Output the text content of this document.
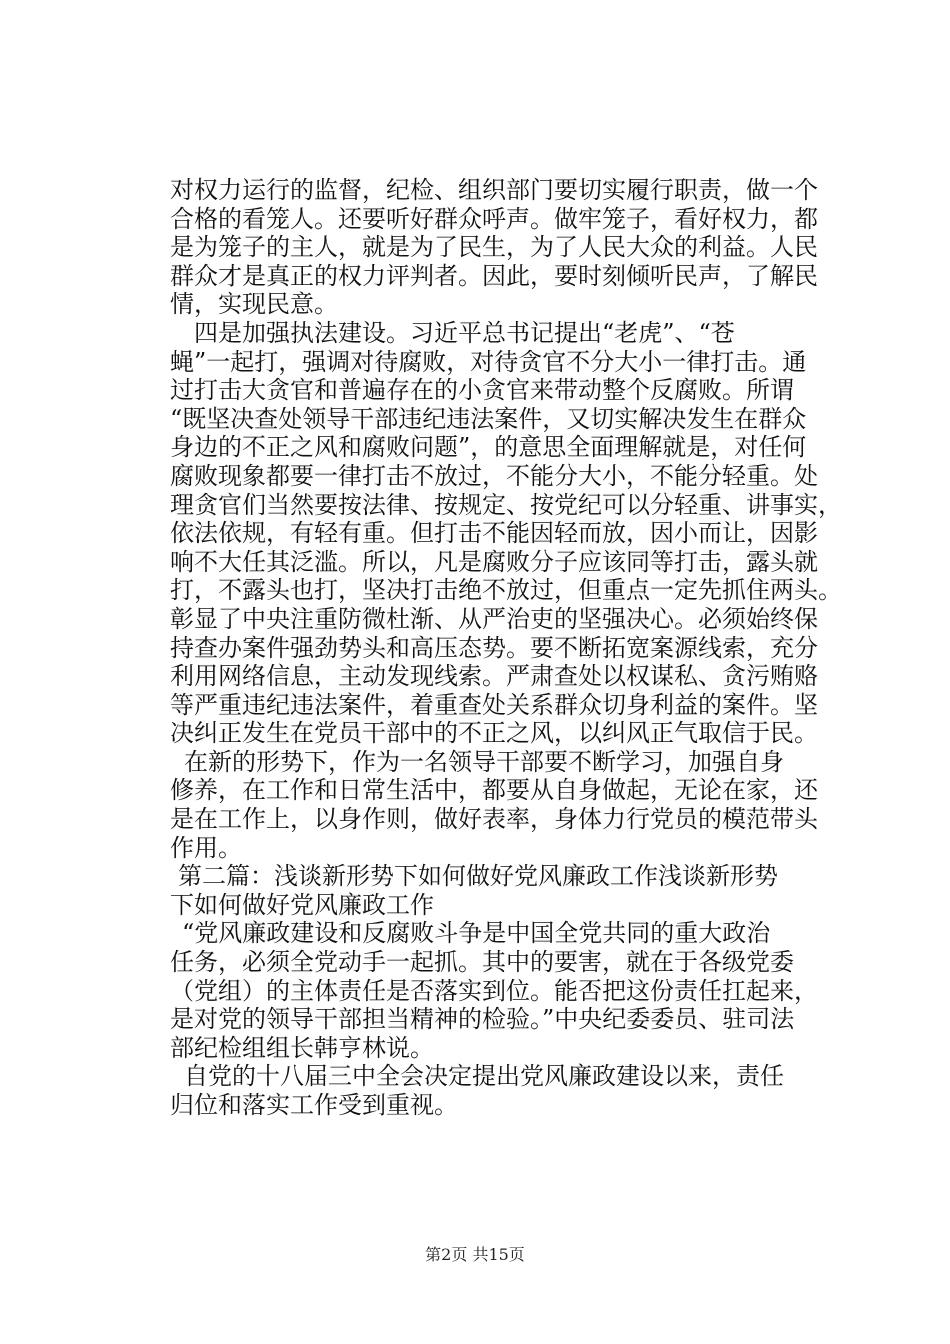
对权力运行的监督，纪检、组织部门要切实履行职责，做一个
合格的看笼人。还要听好群众呼声。做牢笼子，看好权力，都
是为笼子的主人，就是为了民生，为了人民大众的利益。人民
群众才是真正的权力评判者。因此，要时刻倾听民声，了解民
情，实现民意。
四是加强执法建设。习近平总书记提出“老虎”、“苍
蝇”一起打，强调对待腐败，对待贪官不分大小一律打击。通
过打击大贪官和普遍存在的小贪官来带动整个反腐败。所谓
“既坚决查处领导干部违纪违法案件，又切实解决发生在群众
身边的不正之风和腐败问题”，的意思全面理解就是，对任何
腐败现象都要一律打击不放过，不能分大小，不能分轻重。处
理贪官们当然要按法律、按规定、按党纪可以分轻重、讲事实，
依法依规，有轻有重。但打击不能因轻而放，因小而让，因影
响不大任其泛滥。所以，凡是腐败分子应该同等打击，露头就
打，不露头也打，坚决打击绝不放过，但重点一定先抓住两头。
彰显了中央注重防微杜渐、从严治吏的坚强决心。必须始终保
持查办案件强劲势头和高压态势。要不断拓宽案源线索，充分
利用网络信息，主动发现线索。严肃查处以权谋私、贪污贿赂
等严重违纪违法案件，着重查处关系群众切身利益的案件。坚
决纠正发生在党员干部中的不正之风，以纠风正气取信于民。
在新的形势下，作为一名领导干部要不断学习，加强自身
修养，在工作和日常生活中，都要从自身做起，无论在家，还
是在工作上，以身作则，做好表率，身体力行党员的模范带头
作用。
第二篇：浅谈新形势下如何做好党风廉政工作浅谈新形势
下如何做好党风廉政工作
“党风廉政建设和反腐败斗争是中国全党共同的重大政治
任务，必须全党动手一起抓。其中的要害，就在于各级党委
（党组）的主体责任是否落实到位。能否把这份责任扛起来，
是对党的领导干部担当精神的检验。”中央纪委委员、驻司法
部纪检组组长韩亨林说。
自党的十八届三中全会决定提出党风廉政建设以来，责任
归位和落实工作受到重视。
第2页 共15页
